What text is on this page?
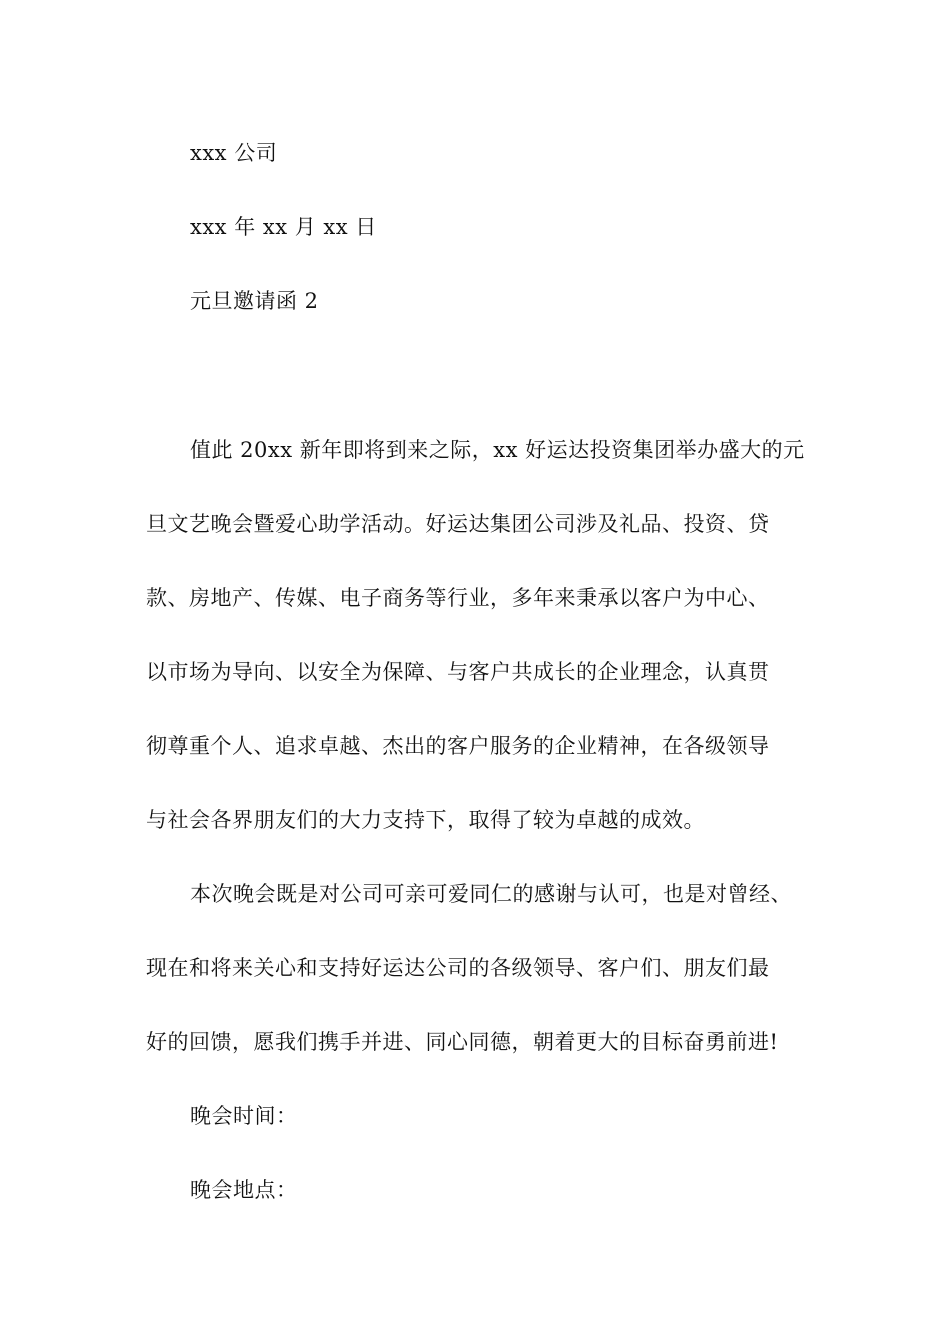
xxx 公司
xxx 年 xx 月 xx 日
元旦邀请函 2
值此 20xx 新年即将到来之际，xx 好运达投资集团举办盛大的元
旦文艺晚会暨爱心助学活动。好运达集团公司涉及礼品、投资、贷
款、房地产、传媒、电子商务等行业，多年来秉承以客户为中心、
以市场为导向、以安全为保障、与客户共成长的企业理念，认真贯
彻尊重个人、追求卓越、杰出的客户服务的企业精神，在各级领导
与社会各界朋友们的大力支持下，取得了较为卓越的成效。
本次晚会既是对公司可亲可爱同仁的感谢与认可，也是对曾经、
现在和将来关心和支持好运达公司的各级领导、客户们、朋友们最
好的回馈，愿我们携手并进、同心同德，朝着更大的目标奋勇前进!
晚会时间：
晚会地点：
